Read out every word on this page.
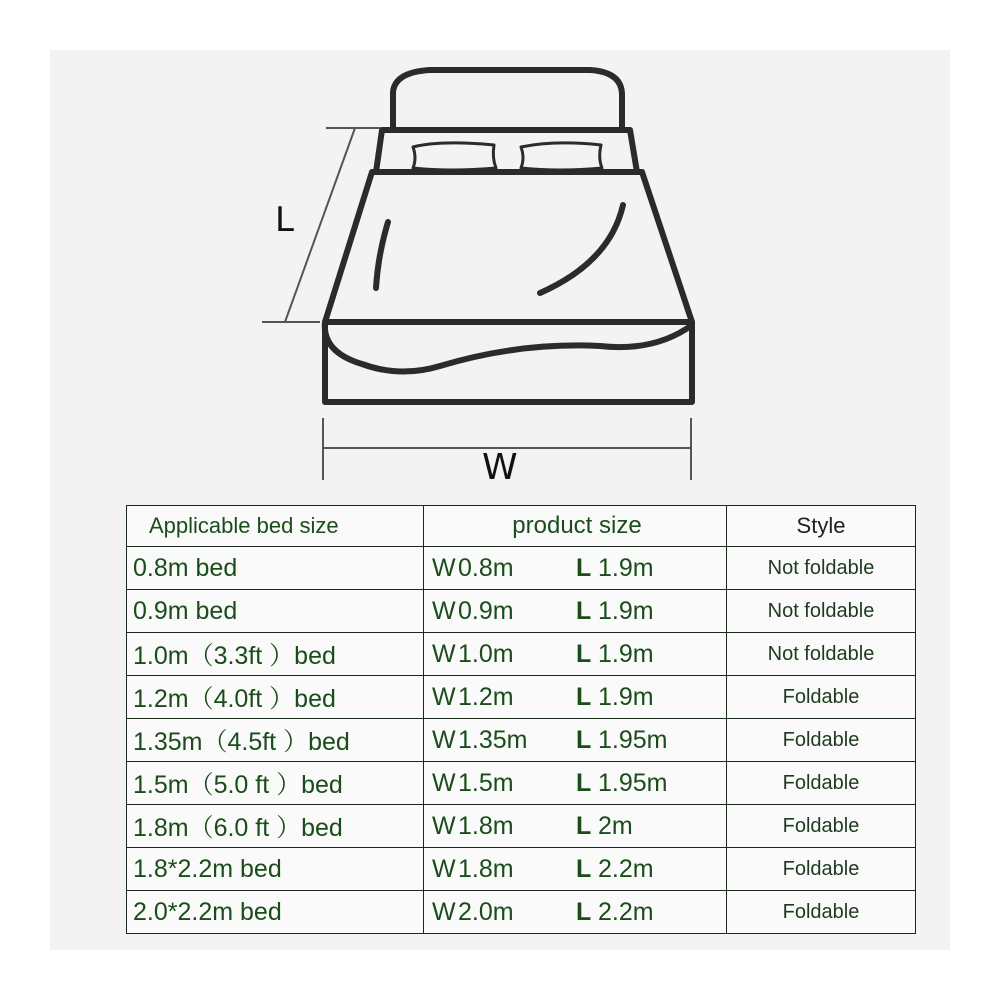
L
W
Applicable bed size	product size	Style
0.8m bed	W0.8m L 1.9m	Not foldable
0.9m bed	W0.9m L 1.9m	Not foldable
1.0m（3.3ft ）bed	W1.0m L 1.9m	Not foldable
1.2m（4.0ft ）bed	W1.2m L 1.9m	Foldable
1.35m（4.5ft ）bed	W1.35m L 1.95m	Foldable
1.5m（5.0 ft ）bed	W1.5m L 1.95m	Foldable
1.8m（6.0 ft ）bed	W1.8m L 2m	Foldable
1.8*2.2m bed	W1.8m L 2.2m	Foldable
2.0*2.2m bed	W2.0m L 2.2m	Foldable
